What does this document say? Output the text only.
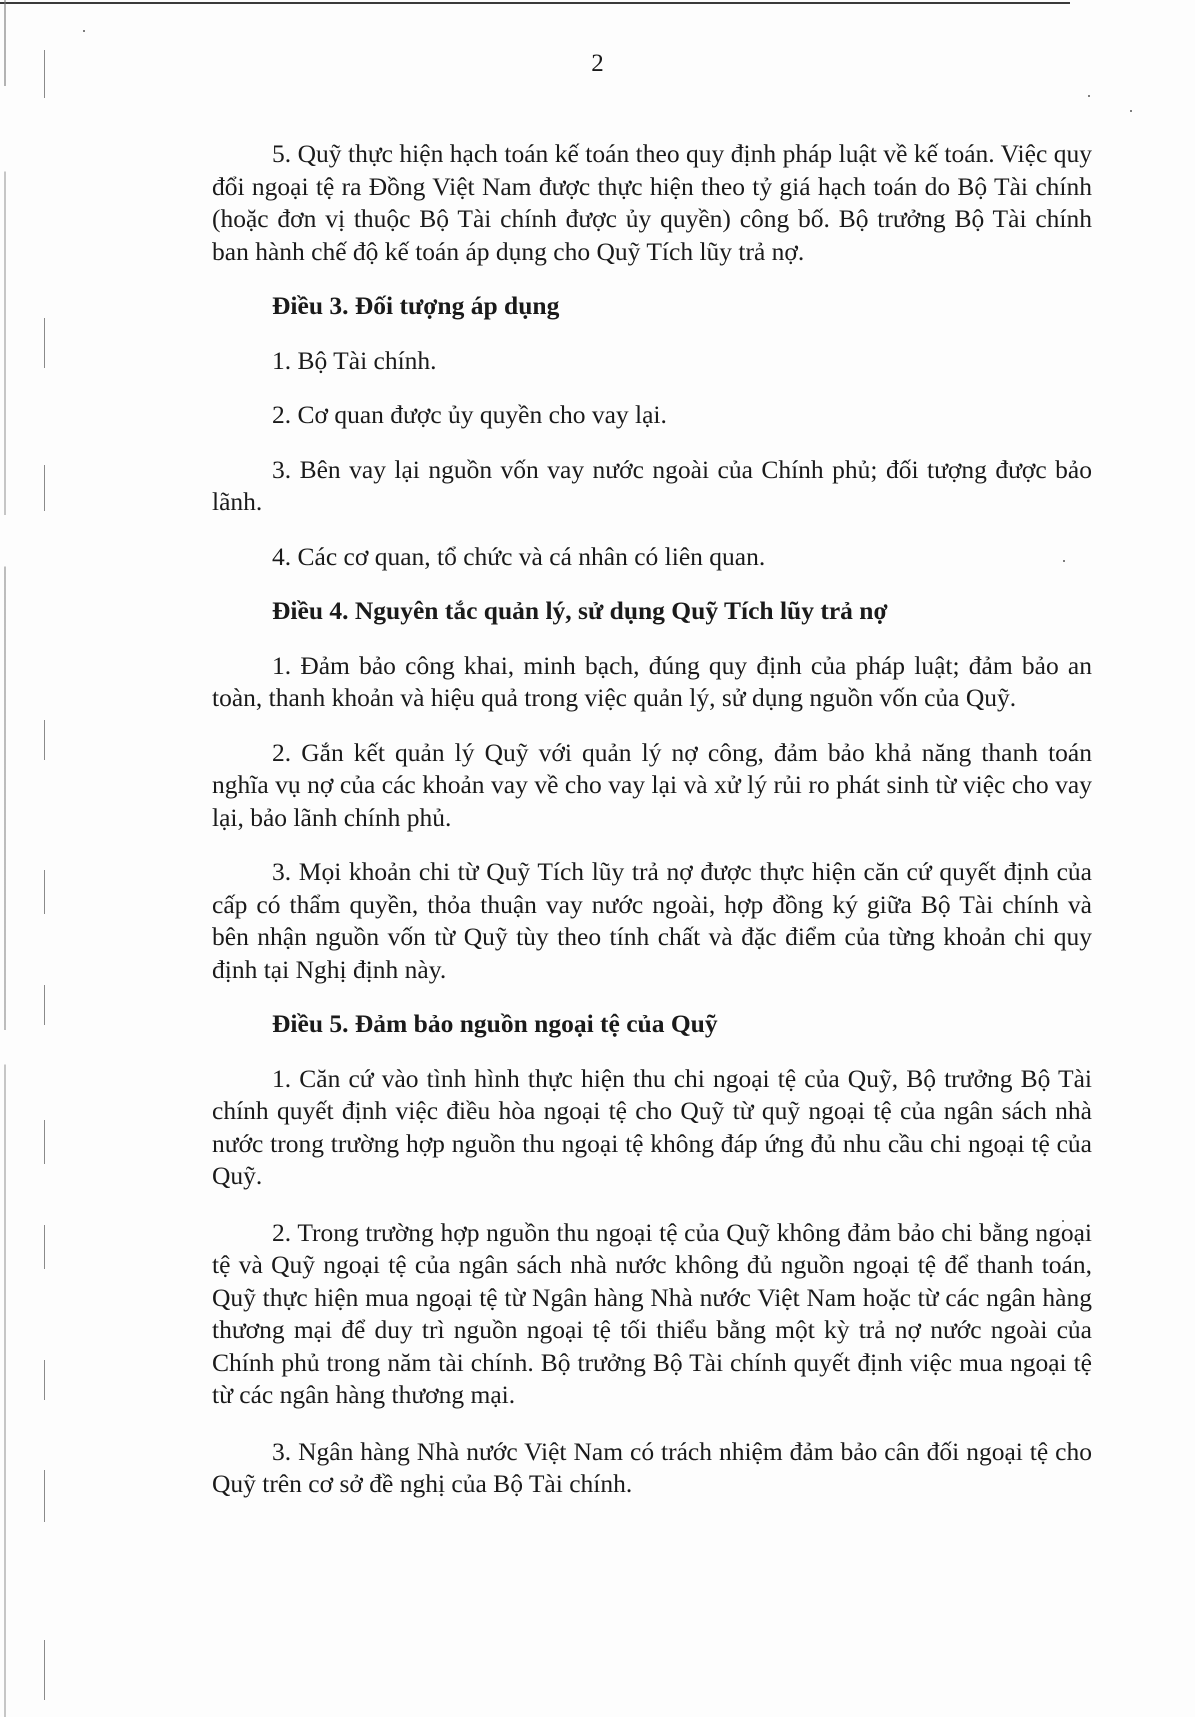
2

5. Quỹ thực hiện hạch toán kế toán theo quy định pháp luật về kế toán. Việc quy đổi ngoại tệ ra Đồng Việt Nam được thực hiện theo tỷ giá hạch toán do Bộ Tài chính (hoặc đơn vị thuộc Bộ Tài chính được ủy quyền) công bố. Bộ trưởng Bộ Tài chính ban hành chế độ kế toán áp dụng cho Quỹ Tích lũy trả nợ.

Điều 3. Đối tượng áp dụng

1. Bộ Tài chính.

2. Cơ quan được ủy quyền cho vay lại.

3. Bên vay lại nguồn vốn vay nước ngoài của Chính phủ; đối tượng được bảo lãnh.

4. Các cơ quan, tổ chức và cá nhân có liên quan.

Điều 4. Nguyên tắc quản lý, sử dụng Quỹ Tích lũy trả nợ

1. Đảm bảo công khai, minh bạch, đúng quy định của pháp luật; đảm bảo an toàn, thanh khoản và hiệu quả trong việc quản lý, sử dụng nguồn vốn của Quỹ.

2. Gắn kết quản lý Quỹ với quản lý nợ công, đảm bảo khả năng thanh toán nghĩa vụ nợ của các khoản vay về cho vay lại và xử lý rủi ro phát sinh từ việc cho vay lại, bảo lãnh chính phủ.

3. Mọi khoản chi từ Quỹ Tích lũy trả nợ được thực hiện căn cứ quyết định của cấp có thẩm quyền, thỏa thuận vay nước ngoài, hợp đồng ký giữa Bộ Tài chính và bên nhận nguồn vốn từ Quỹ tùy theo tính chất và đặc điểm của từng khoản chi quy định tại Nghị định này.

Điều 5. Đảm bảo nguồn ngoại tệ của Quỹ

1. Căn cứ vào tình hình thực hiện thu chi ngoại tệ của Quỹ, Bộ trưởng Bộ Tài chính quyết định việc điều hòa ngoại tệ cho Quỹ từ quỹ ngoại tệ của ngân sách nhà nước trong trường hợp nguồn thu ngoại tệ không đáp ứng đủ nhu cầu chi ngoại tệ của Quỹ.

2. Trong trường hợp nguồn thu ngoại tệ của Quỹ không đảm bảo chi bằng ngoại tệ và Quỹ ngoại tệ của ngân sách nhà nước không đủ nguồn ngoại tệ để thanh toán, Quỹ thực hiện mua ngoại tệ từ Ngân hàng Nhà nước Việt Nam hoặc từ các ngân hàng thương mại để duy trì nguồn ngoại tệ tối thiểu bằng một kỳ trả nợ nước ngoài của Chính phủ trong năm tài chính. Bộ trưởng Bộ Tài chính quyết định việc mua ngoại tệ từ các ngân hàng thương mại.

3. Ngân hàng Nhà nước Việt Nam có trách nhiệm đảm bảo cân đối ngoại tệ cho Quỹ trên cơ sở đề nghị của Bộ Tài chính.
